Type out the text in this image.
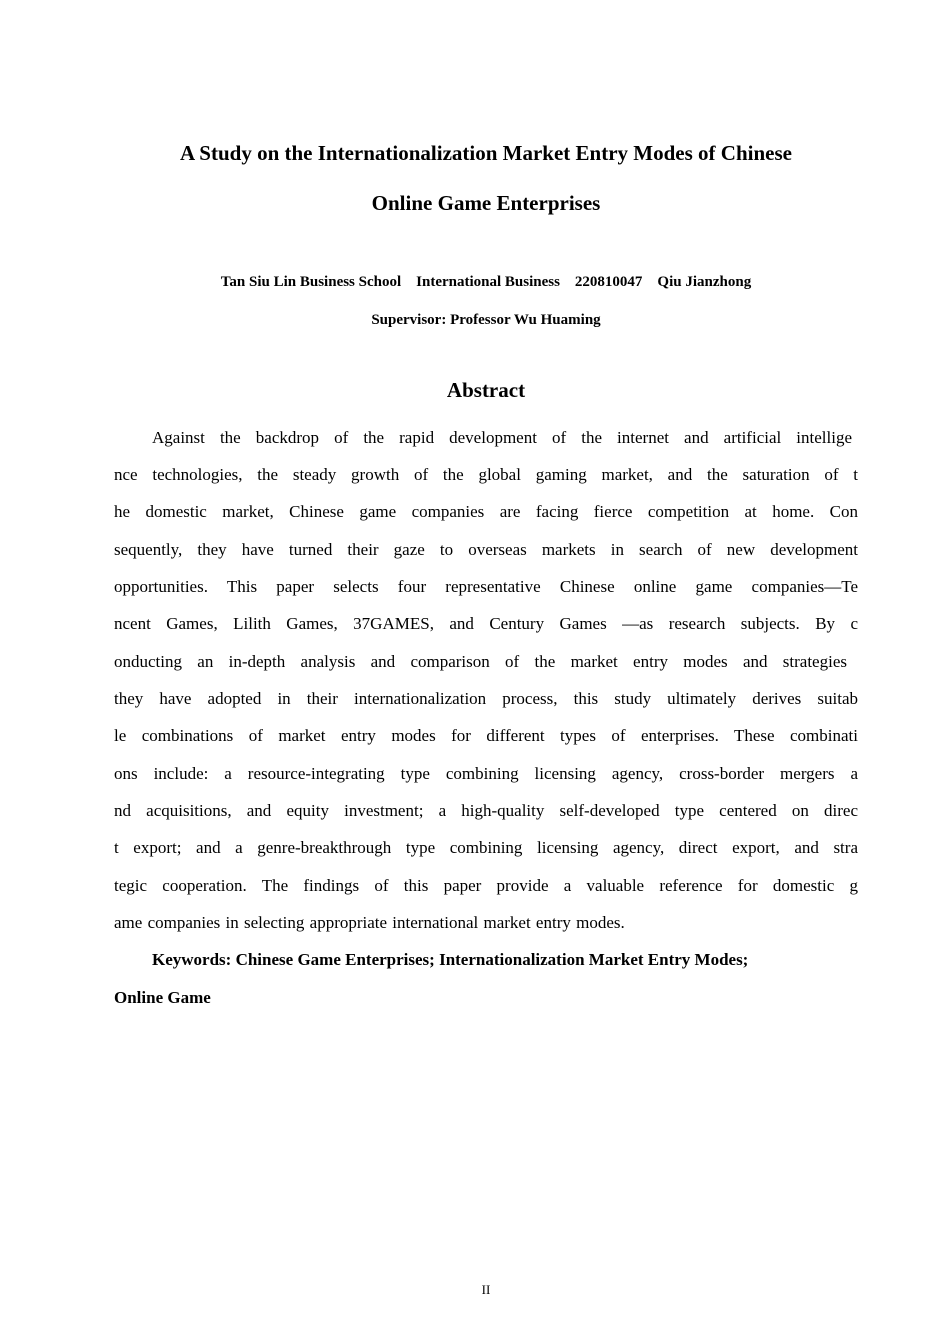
A Study on the Internationalization Market Entry Modes of Chinese
Online Game Enterprises

Tan Siu Lin Business School    International Business    220810047    Qiu Jianzhong

Supervisor: Professor Wu Huaming

Abstract

Against the backdrop of the rapid development of the internet and artificial intellige

nce technologies, the steady growth of the global gaming market, and the saturation of t

he domestic market, Chinese game companies are facing fierce competition at home. Con

sequently, they have turned their gaze to overseas markets in search of new development

opportunities. This paper selects four representative Chinese online game companies—Te

ncent Games, Lilith Games, 37GAMES, and Century Games —as research subjects. By c

onducting an in-depth analysis and comparison of the market entry modes and strategies

they have adopted in their internationalization process, this study ultimately derives suitab

le combinations of market entry modes for different types of enterprises. These combinati

ons include: a resource-integrating type combining licensing agency, cross-border mergers a

nd acquisitions, and equity investment; a high-quality self-developed type centered on direc

t export; and a genre-breakthrough type combining licensing agency, direct export, and stra

tegic cooperation. The findings of this paper provide a valuable reference for domestic g

ame companies in selecting appropriate international market entry modes.

Keywords: Chinese Game Enterprises; Internationalization Market Entry Modes;

Online Game

II
